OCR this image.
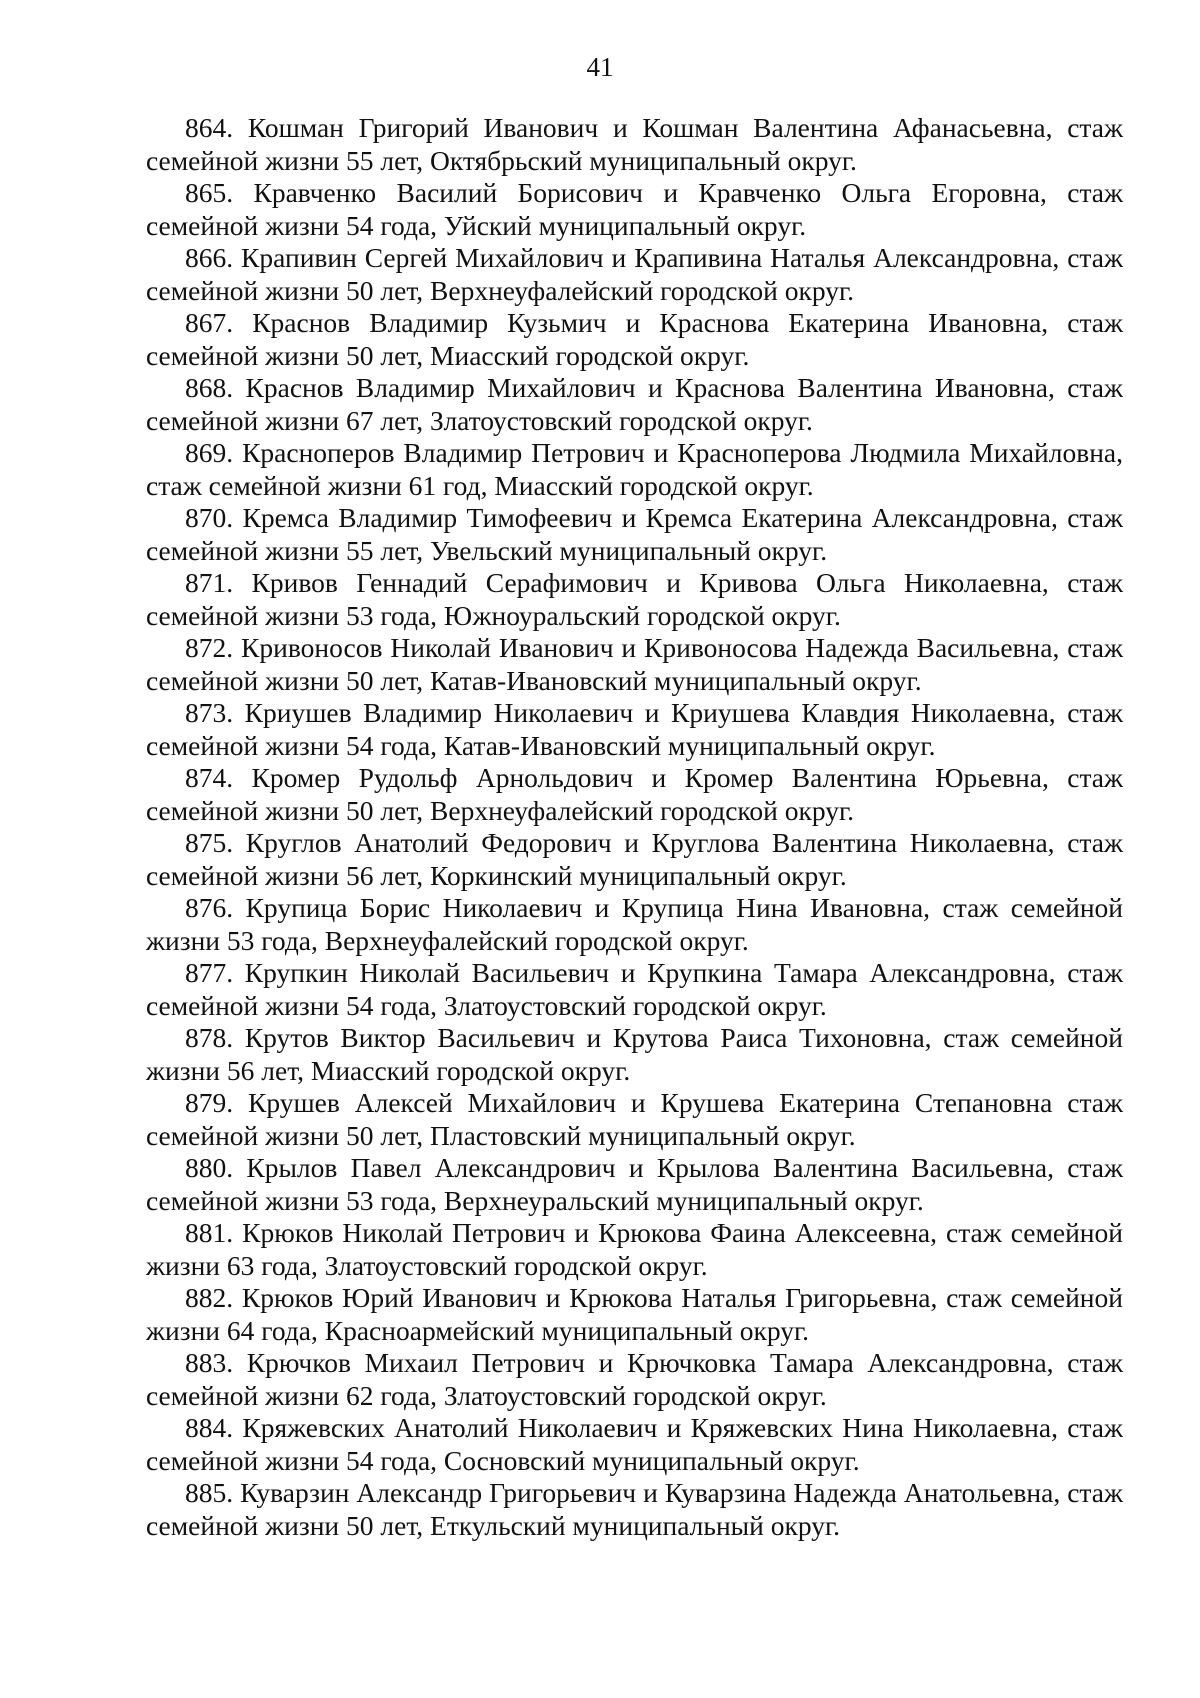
41

864. Кошман Григорий Иванович и Кошман Валентина Афанасьевна, стаж семейной жизни 55 лет, Октябрьский муниципальный округ.

865. Кравченко Василий Борисович и Кравченко Ольга Егоровна, стаж семейной жизни 54 года, Уйский муниципальный округ.

866. Крапивин Сергей Михайлович и Крапивина Наталья Александровна, стаж семейной жизни 50 лет, Верхнеуфалейский городской округ.

867. Краснов Владимир Кузьмич и Краснова Екатерина Ивановна, стаж семейной жизни 50 лет, Миасский городской округ.

868. Краснов Владимир Михайлович и Краснова Валентина Ивановна, стаж семейной жизни 67 лет, Златоустовский городской округ.

869. Красноперов Владимир Петрович и Красноперова Людмила Михайловна, стаж семейной жизни 61 год, Миасский городской округ.

870. Кремса Владимир Тимофеевич и Кремса Екатерина Александровна, стаж семейной жизни 55 лет, Увельский муниципальный округ.

871. Кривов Геннадий Серафимович и Кривова Ольга Николаевна, стаж семейной жизни 53 года, Южноуральский городской округ.

872. Кривоносов Николай Иванович и Кривоносова Надежда Васильевна, стаж семейной жизни 50 лет, Катав-Ивановский муниципальный округ.

873. Криушев Владимир Николаевич и Криушева Клавдия Николаевна, стаж семейной жизни 54 года, Катав-Ивановский муниципальный округ.

874. Кромер Рудольф Арнольдович и Кромер Валентина Юрьевна, стаж семейной жизни 50 лет, Верхнеуфалейский городской округ.

875. Круглов Анатолий Федорович и Круглова Валентина Николаевна, стаж семейной жизни 56 лет, Коркинский муниципальный округ.

876. Крупица Борис Николаевич и Крупица Нина Ивановна, стаж семейной жизни 53 года, Верхнеуфалейский городской округ.

877. Крупкин Николай Васильевич и Крупкина Тамара Александровна, стаж семейной жизни 54 года, Златоустовский городской округ.

878. Крутов Виктор Васильевич и Крутова Раиса Тихоновна, стаж семейной жизни 56 лет, Миасский городской округ.

879. Крушев Алексей Михайлович и Крушева Екатерина Степановна стаж семейной жизни 50 лет, Пластовский муниципальный округ.

880. Крылов Павел Александрович и Крылова Валентина Васильевна, стаж семейной жизни 53 года, Верхнеуральский муниципальный округ.

881. Крюков Николай Петрович и Крюкова Фаина Алексеевна, стаж семейной жизни 63 года, Златоустовский городской округ.

882. Крюков Юрий Иванович и Крюкова Наталья Григорьевна, стаж семейной жизни 64 года, Красноармейский муниципальный округ.

883. Крючков Михаил Петрович и Крючковка Тамара Александровна, стаж семейной жизни 62 года, Златоустовский городской округ.

884. Кряжевских Анатолий Николаевич и Кряжевских Нина Николаевна, стаж семейной жизни 54 года, Сосновский муниципальный округ.

885. Куварзин Александр Григорьевич и Куварзина Надежда Анатольевна, стаж семейной жизни 50 лет, Еткульский муниципальный округ.
